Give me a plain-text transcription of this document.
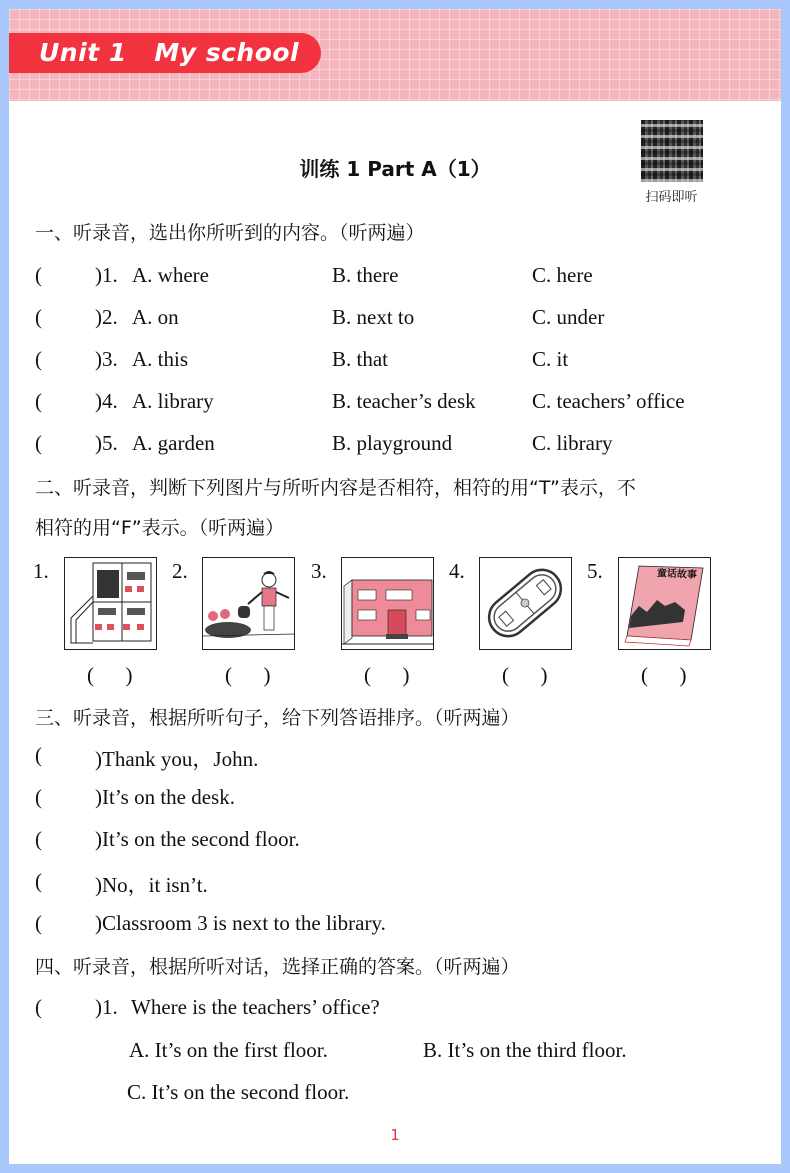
Unit 1   My school
扫码即听
训练 1 Part A（1）
一、听录音，选出你所听到的内容。（听两遍）
(	)1. A. where	B. there	C. here
(	)2. A. on	B. next to	C. under
(	)3. A. this	B. that	C. it
(	)4. A. library	B. teacher’s desk	C. teachers’ office
(	)5. A. garden	B. playground	C. library
二、听录音，判断下列图片与所听内容是否相符，相符的用“T”表示，不
相符的用“F”表示。（听两遍）
1.
(      )
2.
(      )
3.
(      )
4.
(      )
5.	童话故事
(      )
三、听录音，根据所听句子，给下列答语排序。（听两遍）
(	)Thank you，John.
(	)It’s on the desk.
(	)It’s on the second floor.
(	)No，it isn’t.
(	)Classroom 3 is next to the library.
四、听录音，根据所听对话，选择正确的答案。（听两遍）
(	)1. Where is the teachers’ office?
A. It’s on the first floor.	B. It’s on the third floor.
C. It’s on the second floor.
1
